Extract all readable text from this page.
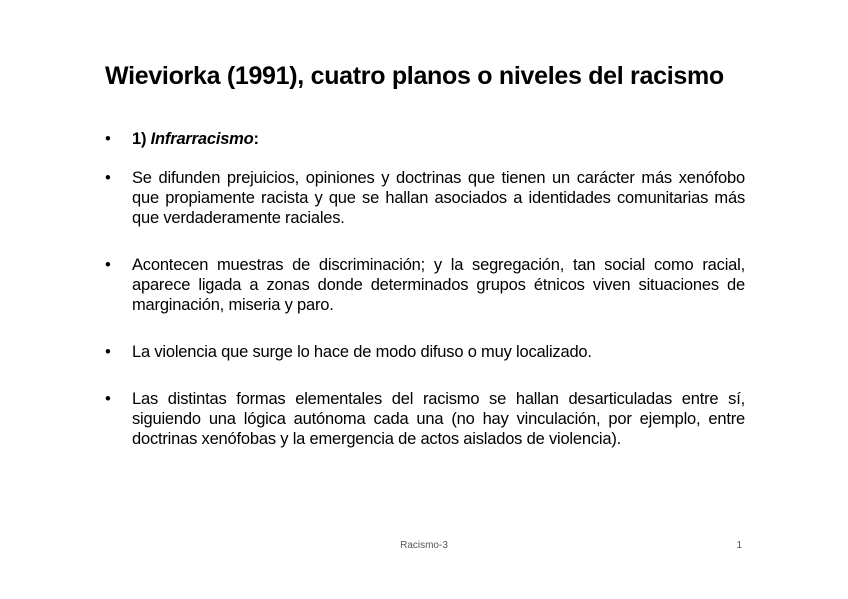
Wieviorka (1991), cuatro planos o niveles del racismo
• 1) Infrarracismo:
• Se difunden prejuicios, opiniones y doctrinas que tienen un carácter más xenófobo que propiamente racista y que se hallan asociados a identidades comunitarias más que verdaderamente raciales.
• Acontecen muestras de discriminación; y la segregación, tan social como racial, aparece ligada a zonas donde determinados grupos étnicos viven situaciones de marginación, miseria y paro.
• La violencia que surge lo hace de modo difuso o muy localizado.
• Las distintas formas elementales del racismo se hallan desarticuladas entre sí, siguiendo una lógica autónoma cada una (no hay vinculación, por ejemplo, entre doctrinas xenófobas y la emergencia de actos aislados de violencia).
Racismo-3	1
